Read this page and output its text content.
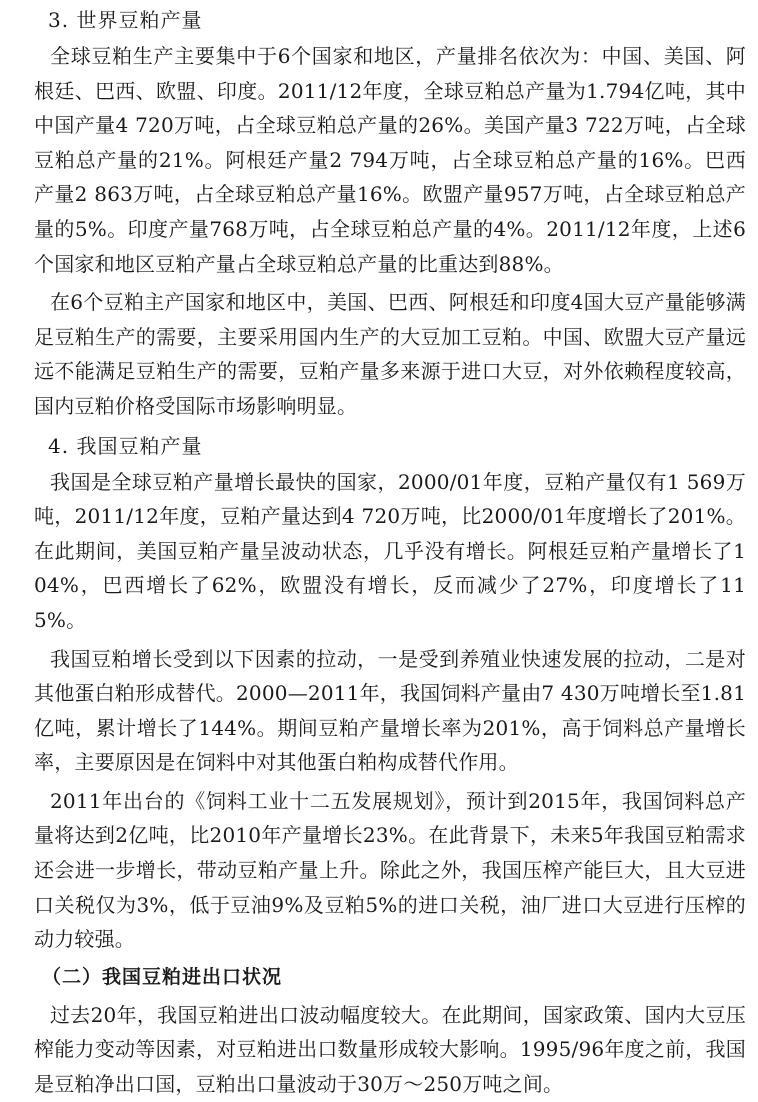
3. 世界豆粕产量

全球豆粕生产主要集中于6个国家和地区，产量排名依次为：中国、美国、阿根廷、巴西、欧盟、印度。2011/12年度，全球豆粕总产量为1.794亿吨，其中中国产量4 720万吨，占全球豆粕总产量的26%。美国产量3 722万吨，占全球豆粕总产量的21%。阿根廷产量2 794万吨，占全球豆粕总产量的16%。巴西产量2 863万吨，占全球豆粕总产量16%。欧盟产量957万吨，占全球豆粕总产量的5%。印度产量768万吨，占全球豆粕总产量的4%。2011/12年度，上述6个国家和地区豆粕产量占全球豆粕总产量的比重达到88%。

在6个豆粕主产国家和地区中，美国、巴西、阿根廷和印度4国大豆产量能够满足豆粕生产的需要，主要采用国内生产的大豆加工豆粕。中国、欧盟大豆产量远远不能满足豆粕生产的需要，豆粕产量多来源于进口大豆，对外依赖程度较高，国内豆粕价格受国际市场影响明显。

4. 我国豆粕产量

我国是全球豆粕产量增长最快的国家，2000/01年度，豆粕产量仅有1 569万吨，2011/12年度，豆粕产量达到4 720万吨，比2000/01年度增长了201%。在此期间，美国豆粕产量呈波动状态，几乎没有增长。阿根廷豆粕产量增长了104%，巴西增长了62%，欧盟没有增长，反而减少了27%，印度增长了115%。

我国豆粕增长受到以下因素的拉动，一是受到养殖业快速发展的拉动，二是对其他蛋白粕形成替代。2000—2011年，我国饲料产量由7 430万吨增长至1.81亿吨，累计增长了144%。期间豆粕产量增长率为201%，高于饲料总产量增长率，主要原因是在饲料中对其他蛋白粕构成替代作用。

2011年出台的《饲料工业十二五发展规划》，预计到2015年，我国饲料总产量将达到2亿吨，比2010年产量增长23%。在此背景下，未来5年我国豆粕需求还会进一步增长，带动豆粕产量上升。除此之外，我国压榨产能巨大，且大豆进口关税仅为3%，低于豆油9%及豆粕5%的进口关税，油厂进口大豆进行压榨的动力较强。

（二）我国豆粕进出口状况

过去20年，我国豆粕进出口波动幅度较大。在此期间，国家政策、国内大豆压榨能力变动等因素，对豆粕进出口数量形成较大影响。1995/96年度之前，我国是豆粕净出口国，豆粕出口量波动于30万～250万吨之间。
